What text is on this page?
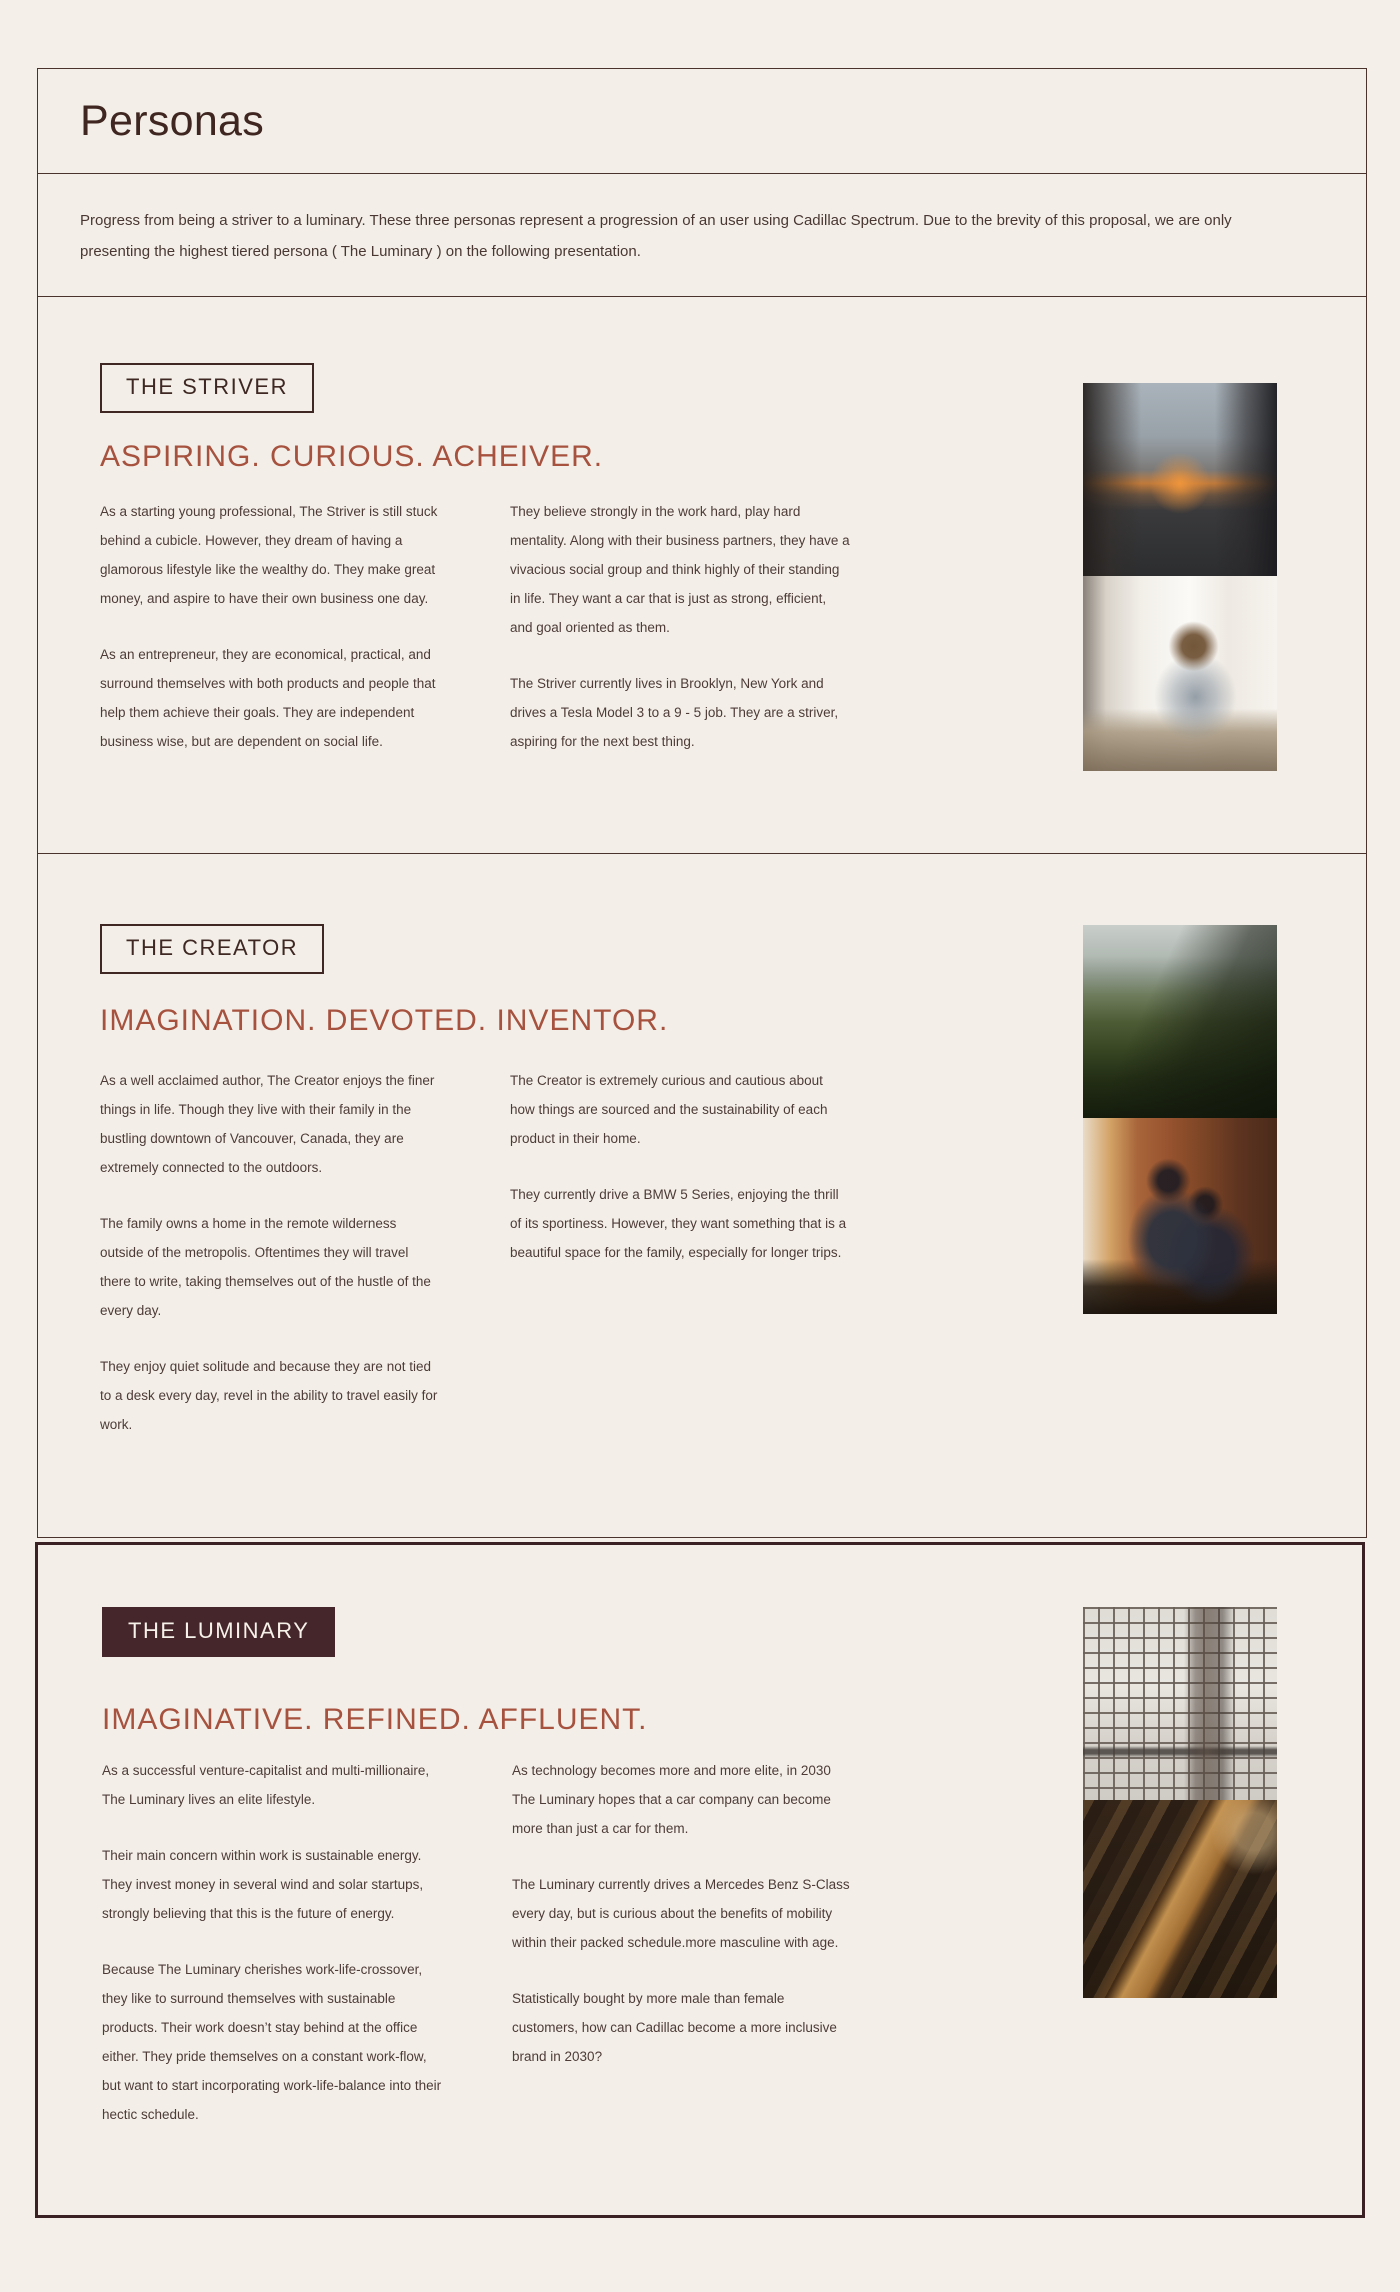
Personas

Progress from being a striver to a luminary. These three personas represent a progression of an user using Cadillac Spectrum. Due to the brevity of this proposal, we are only presenting the highest tiered persona ( The Luminary ) on the following presentation.

THE STRIVER
ASPIRING. CURIOUS. ACHEIVER.

As a starting young professional, The Striver is still stuck behind a cubicle. However, they dream of having a glamorous lifestyle like the wealthy do. They make great money, and aspire to have their own business one day.

As an entrepreneur, they are economical, practical, and surround themselves with both products and people that help them achieve their goals. They are independent business wise, but are dependent on social life.

They believe strongly in the work hard, play hard mentality. Along with their business partners, they have a vivacious social group and think highly of their standing in life. They want a car that is just as strong, efficient, and goal oriented as them.

The Striver currently lives in Brooklyn, New York and drives a Tesla Model 3 to a 9 - 5 job. They are a striver, aspiring for the next best thing.

THE CREATOR
IMAGINATION. DEVOTED. INVENTOR.

As a well acclaimed author, The Creator enjoys the finer things in life. Though they live with their family in the bustling downtown of Vancouver, Canada, they are extremely connected to the outdoors.

The family owns a home in the remote wilderness outside of the metropolis. Oftentimes they will travel there to write, taking themselves out of the hustle of the every day.

They enjoy quiet solitude and because they are not tied to a desk every day, revel in the ability to travel easily for work.

The Creator is extremely curious and cautious about how things are sourced and the sustainability of each product in their home.

They currently drive a BMW 5 Series, enjoying the thrill of its sportiness. However, they want something that is a beautiful space for the family, especially for longer trips.

THE LUMINARY
IMAGINATIVE. REFINED. AFFLUENT.

As a successful venture-capitalist and multi-millionaire, The Luminary lives an elite lifestyle.

Their main concern within work is sustainable energy. They invest money in several wind and solar startups, strongly believing that this is the future of energy.

Because The Luminary cherishes work-life-crossover, they like to surround themselves with sustainable products. Their work doesn’t stay behind at the office either. They pride themselves on a constant work-flow, but want to start incorporating work-life-balance into their hectic schedule.

As technology becomes more and more elite, in 2030 The Luminary hopes that a car company can become more than just a car for them.

The Luminary currently drives a Mercedes Benz S-Class every day, but is curious about the benefits of mobility within their packed schedule.more masculine with age.

Statistically bought by more male than female customers, how can Cadillac become a more inclusive brand in 2030?
